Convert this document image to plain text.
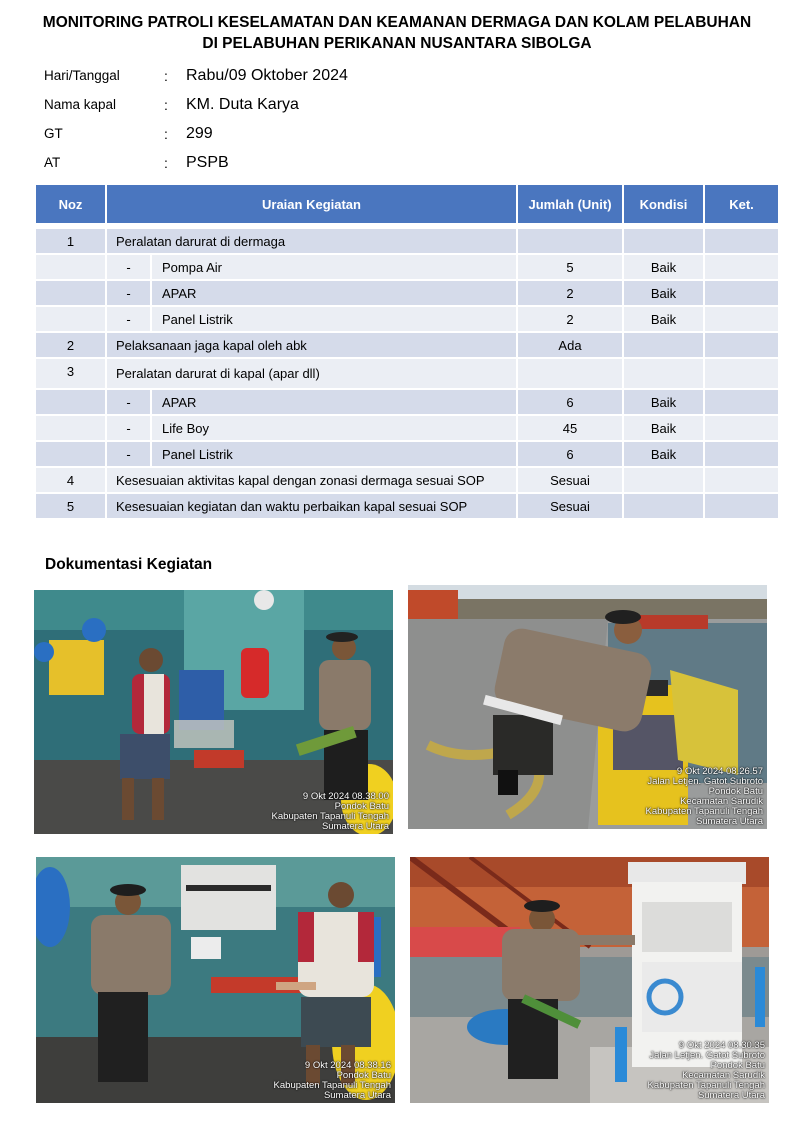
MONITORING PATROLI KESELAMATAN DAN KEAMANAN DERMAGA DAN KOLAM PELABUHAN
DI PELABUHAN PERIKANAN NUSANTARA SIBOLGA
Hari/Tanggal	: Rabu/09 Oktober 2024
Nama kapal	: KM. Duta Karya
GT	: 299
AT	: PSPB
Noz	Uraian Kegiatan		Jumlah (Unit)	Kondisi	Ket.
1	Peralatan darurat di dermaga				
	-	Pompa Air	5	Baik	
	-	APAR	2	Baik	
	-	Panel Listrik	2	Baik	
2	Pelaksanaan jaga kapal oleh abk		Ada		
3	Peralatan darurat di kapal (apar dll)				
	-	APAR	6	Baik	
	-	Life Boy	45	Baik	
	-	Panel Listrik	6	Baik	
4	Kesesuaian aktivitas kapal dengan zonasi dermaga sesuai SOP		Sesuai		
5	Kesesuaian kegiatan dan waktu perbaikan kapal sesuai SOP		Sesuai		
Dokumentasi Kegiatan
9 Okt 2024 08.38.00
Pondok Batu
Kabupaten Tapanuli Tengah
Sumatera Utara
9 Okt 2024 08.26.57
Jalan Letjen. Gatot Subroto
Pondok Batu
Kecamatan Sarudik
Kabupaten Tapanuli Tengah
Sumatera Utara
9 Okt 2024 08.38.16
Pondok Batu
Kabupaten Tapanuli Tengah
Sumatera Utara
9 Okt 2024 08.30.35
Jalan Letjen. Gatot Subroto
Pondok Batu
Kecamatan Sarudik
Kabupaten Tapanuli Tengah
Sumatera Utara
